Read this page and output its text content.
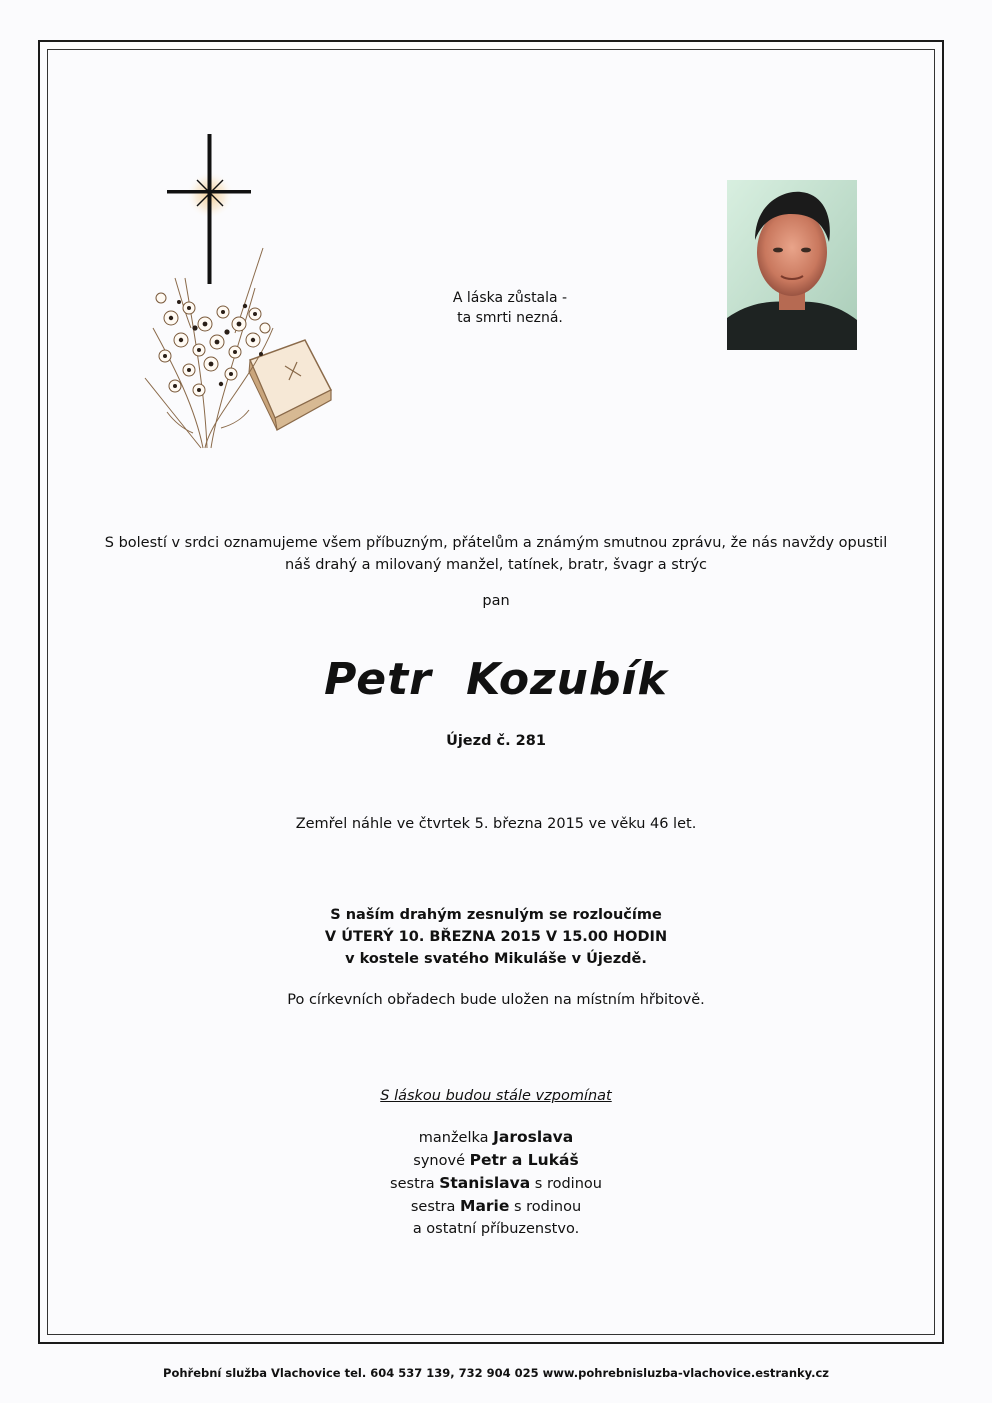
A láska zůstala -
ta smrti nezná.
S bolestí v srdci oznamujeme všem příbuzným, přátelům a známým smutnou zprávu, že nás navždy opustil
náš drahý a milovaný manžel, tatínek, bratr, švagr a strýc
pan
Petr Kozubík
Újezd č. 281
Zemřel náhle ve čtvrtek 5. března 2015 ve věku 46 let.
S naším drahým zesnulým se rozloučíme
V ÚTERÝ 10. BŘEZNA 2015 V 15.00 HODIN
v kostele svatého Mikuláše v Újezdě.
Po církevních obřadech bude uložen na místním hřbitově.
S láskou budou stále vzpomínat
manželka Jaroslava
synové Petr a Lukáš
sestra Stanislava s rodinou
sestra Marie s rodinou
a ostatní příbuzenstvo.
Pohřební služba Vlachovice tel. 604 537 139, 732 904 025 www.pohrebnisluzba-vlachovice.estranky.cz
